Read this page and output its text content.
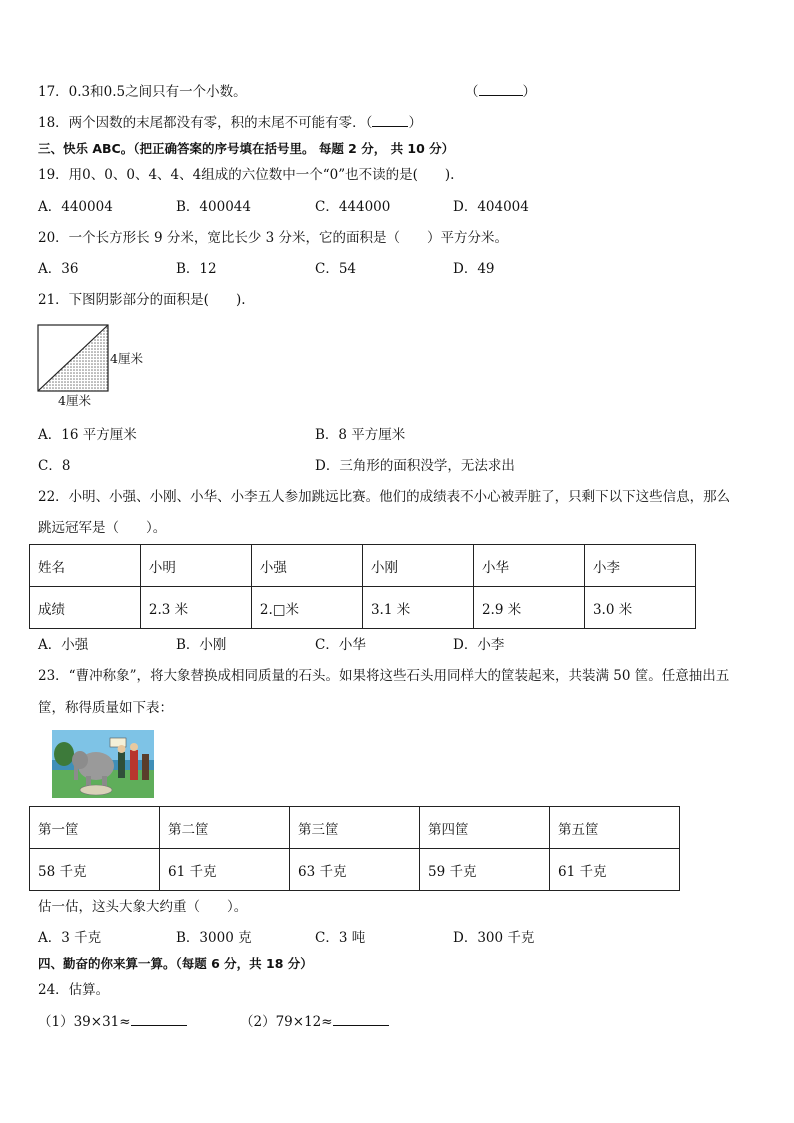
17．0.3和0.5之间只有一个小数。	（	）
18．两个因数的末尾都没有零，积的末尾不可能有零．（	）
三、快乐 ABC。（把正确答案的序号填在括号里。 每题 2 分， 共 10 分）
19．用0、0、0、4、4、4组成的六位数中一个“0”也不读的是(　　).
A．440004	B．400044	C．444000	D．404004
20．一个长方形长 9 分米，宽比长少 3 分米，它的面积是（　　）平方分米。
A．36	B．12	C．54	D．49
21．下图阴影部分的面积是(　　).
4厘米
4厘米
A．16 平方厘米	B．8 平方厘米
C．8	D．三角形的面积没学，无法求出
22．小明、小强、小刚、小华、小李五人参加跳远比赛。他们的成绩表不小心被弄脏了，只剩下以下这些信息，那么
跳远冠军是（　　）。
姓名	小明	小强	小刚	小华	小李
成绩	2.3 米	2.□米	3.1 米	2.9 米	3.0 米
A．小强	B．小刚	C．小华	D．小李
23．“曹冲称象”，将大象替换成相同质量的石头。如果将这些石头用同样大的筐装起来，共装满 50 筐。任意抽出五
筐，称得质量如下表：
第一筐	第二筐	第三筐	第四筐	第五筐
58 千克	61 千克	63 千克	59 千克	61 千克
估一估，这头大象大约重（　　）。
A．3 千克	B．3000 克	C．3 吨	D．300 千克
四、勤奋的你来算一算。（每题 6 分，共 18 分）
24．估算。
（1）39×31≈	（2）79×12≈
